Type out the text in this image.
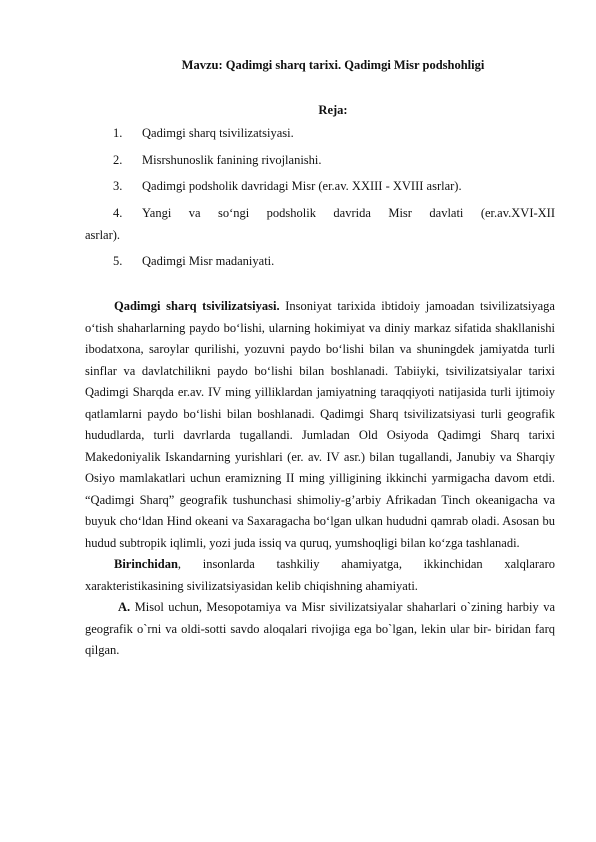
Mavzu: Qadimgi sharq tarixi. Qadimgi Misr podshohligi
Reja:
1.	Qadimgi sharq tsivilizatsiyasi.
2.	Misrshunoslik fanining rivojlanishi.
3.	Qadimgi podsholik davridagi Misr (er.av. XXIII - XVIII asrlar).
4.	Yangi va so‘ngi podsholik davrida Misr davlati (er.av.XVI-XII
asrlar).
5.	Qadimgi Misr madaniyati.

Qadimgi sharq tsivilizatsiyasi. Insoniyat tarixida ibtidoiy jamoadan tsivilizatsiyaga o‘tish shaharlarning paydo bo‘lishi, ularning hokimiyat va diniy markaz sifatida shakllanishi ibodatxona, saroylar qurilishi, yozuvni paydo bo‘lishi bilan va shuningdek jamiyatda turli sinflar va davlatchilikni paydo bo‘lishi bilan boshlanadi. Tabiiyki, tsivilizatsiyalar tarixi Qadimgi Sharqda er.av. IV ming yilliklardan jamiyatning taraqqiyoti natijasida turli ijtimoiy qatlamlarni paydo bo‘lishi bilan boshlanadi. Qadimgi Sharq tsivilizatsiyasi turli geografik hududlarda, turli davrlarda tugallandi. Jumladan Old Osiyoda Qadimgi Sharq tarixi Makedoniyalik Iskandarning yurishlari (er. av. IV asr.) bilan tugallandi, Janubiy va Sharqiy Osiyo mamlakatlari uchun eramizning II ming yilligining ikkinchi yarmigacha davom etdi. “Qadimgi Sharq” geografik tushunchasi shimoliy-g’arbiy Afrikadan Tinch okeanigacha va buyuk cho‘ldan Hind okeani va Saxaragacha bo‘lgan ulkan hududni qamrab oladi. Asosan bu hudud subtropik iqlimli, yozi juda issiq va quruq, yumshoqligi bilan ko‘zga tashlanadi.

Birinchidan, insonlarda tashkiliy ahamiyatga, ikkinchidan xalqlararo xarakteristikasining sivilizatsiyasidan kelib chiqishning ahamiyati.

A. Misol uchun, Mesopotamiya va Misr sivilizatsiyalar shaharlari o`zining harbiy va geografik o`rni va oldi-sotti savdo aloqalari rivojiga ega bo`lgan, lekin ular bir- biridan farq qilgan.
